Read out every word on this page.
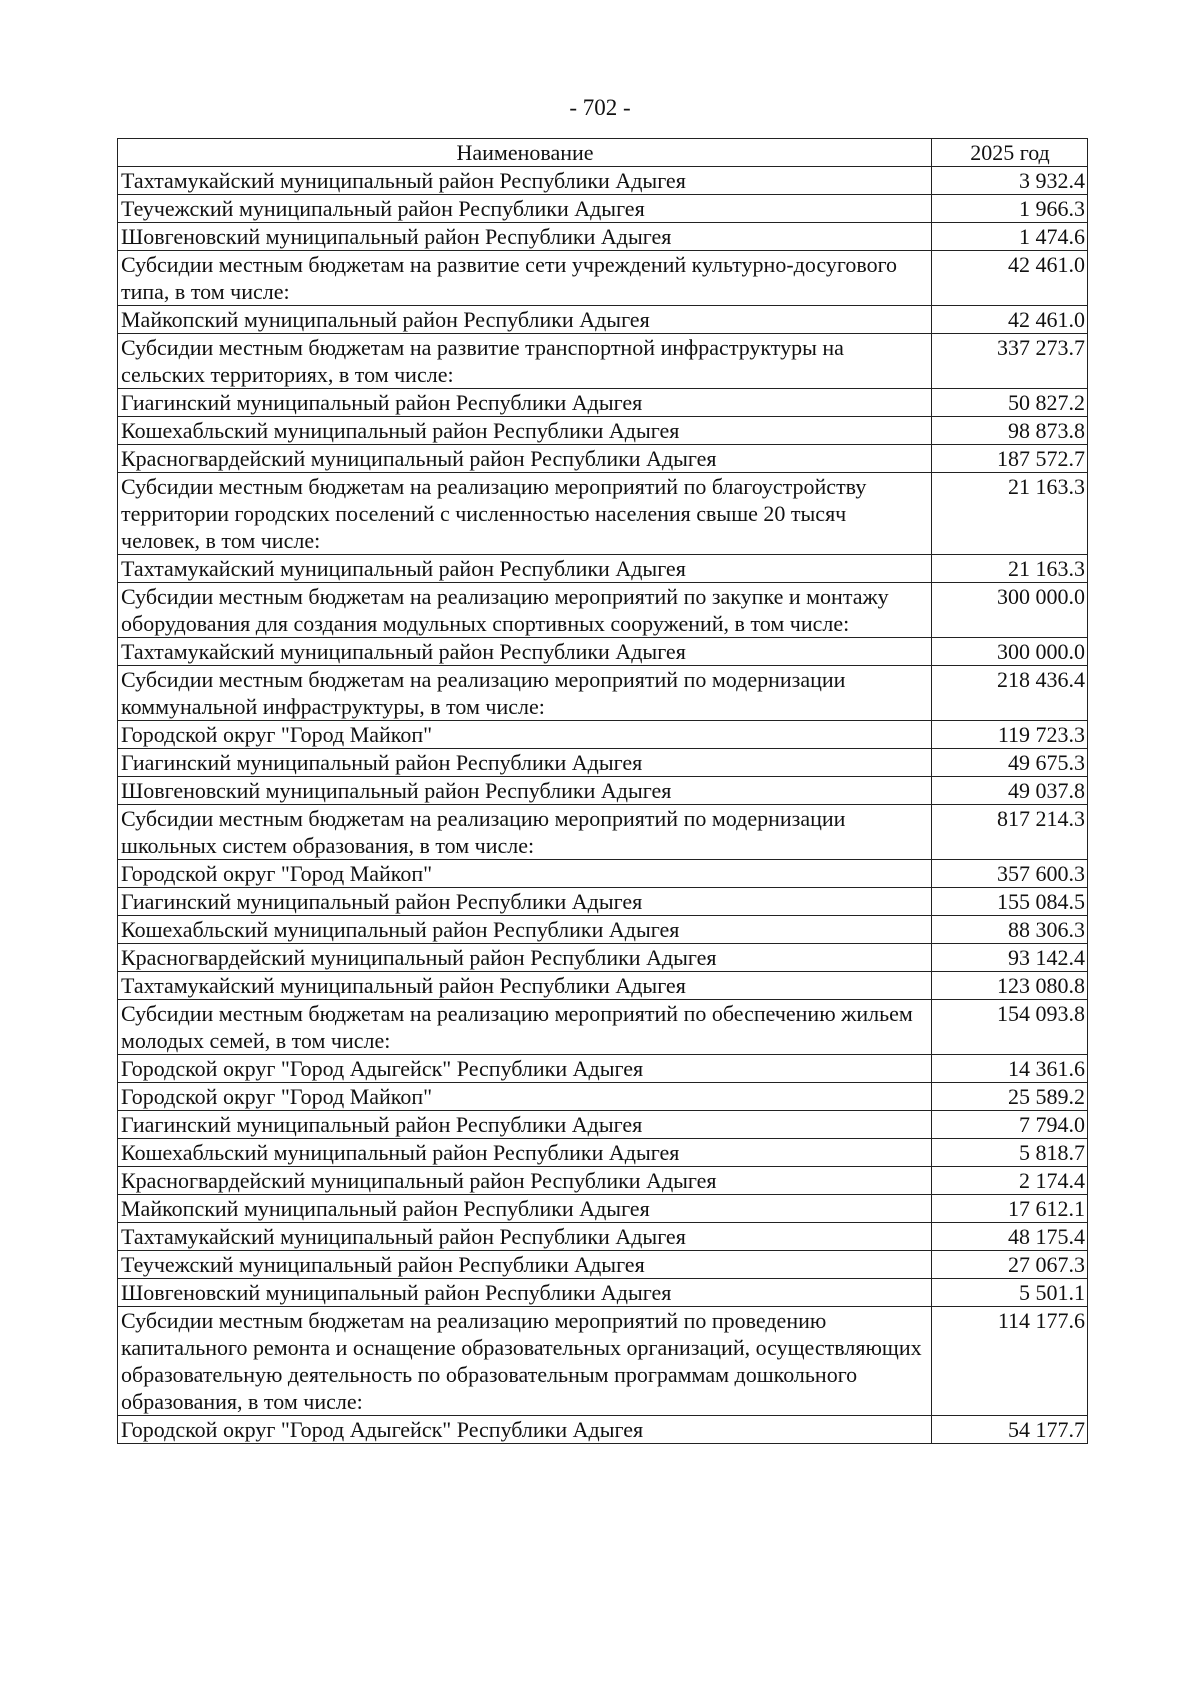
- 702 -
Наименование	2025 год
Тахтамукайский муниципальный район Республики Адыгея	3 932.4
Теучежский муниципальный район Республики Адыгея	1 966.3
Шовгеновский муниципальный район Республики Адыгея	1 474.6
Субсидии местным бюджетам на развитие сети учреждений культурно-досугового типа, в том числе:	42 461.0
Майкопский муниципальный район Республики Адыгея	42 461.0
Субсидии местным бюджетам на развитие транспортной инфраструктуры на сельских территориях, в том числе:	337 273.7
Гиагинский муниципальный район Республики Адыгея	50 827.2
Кошехабльский муниципальный район Республики Адыгея	98 873.8
Красногвардейский муниципальный район Республики Адыгея	187 572.7
Субсидии местным бюджетам на реализацию мероприятий по благоустройству территории городских поселений с численностью населения свыше 20 тысяч человек, в том числе:	21 163.3
Тахтамукайский муниципальный район Республики Адыгея	21 163.3
Субсидии местным бюджетам на реализацию мероприятий по закупке и монтажу оборудования для создания модульных спортивных сооружений, в том числе:	300 000.0
Тахтамукайский муниципальный район Республики Адыгея	300 000.0
Субсидии местным бюджетам на реализацию мероприятий по модернизации коммунальной инфраструктуры, в том числе:	218 436.4
Городской округ "Город Майкоп"	119 723.3
Гиагинский муниципальный район Республики Адыгея	49 675.3
Шовгеновский муниципальный район Республики Адыгея	49 037.8
Субсидии местным бюджетам на реализацию мероприятий по модернизации школьных систем образования, в том числе:	817 214.3
Городской округ "Город Майкоп"	357 600.3
Гиагинский муниципальный район Республики Адыгея	155 084.5
Кошехабльский муниципальный район Республики Адыгея	88 306.3
Красногвардейский муниципальный район Республики Адыгея	93 142.4
Тахтамукайский муниципальный район Республики Адыгея	123 080.8
Субсидии местным бюджетам на реализацию мероприятий по обеспечению жильем молодых семей, в том числе:	154 093.8
Городской округ "Город Адыгейск" Республики Адыгея	14 361.6
Городской округ "Город Майкоп"	25 589.2
Гиагинский муниципальный район Республики Адыгея	7 794.0
Кошехабльский муниципальный район Республики Адыгея	5 818.7
Красногвардейский муниципальный район Республики Адыгея	2 174.4
Майкопский муниципальный район Республики Адыгея	17 612.1
Тахтамукайский муниципальный район Республики Адыгея	48 175.4
Теучежский муниципальный район Республики Адыгея	27 067.3
Шовгеновский муниципальный район Республики Адыгея	5 501.1
Субсидии местным бюджетам на реализацию мероприятий по проведению капитального ремонта и оснащение образовательных организаций, осуществляющих образовательную деятельность по образовательным программам дошкольного образования, в том числе:	114 177.6
Городской округ "Город Адыгейск" Республики Адыгея	54 177.7
